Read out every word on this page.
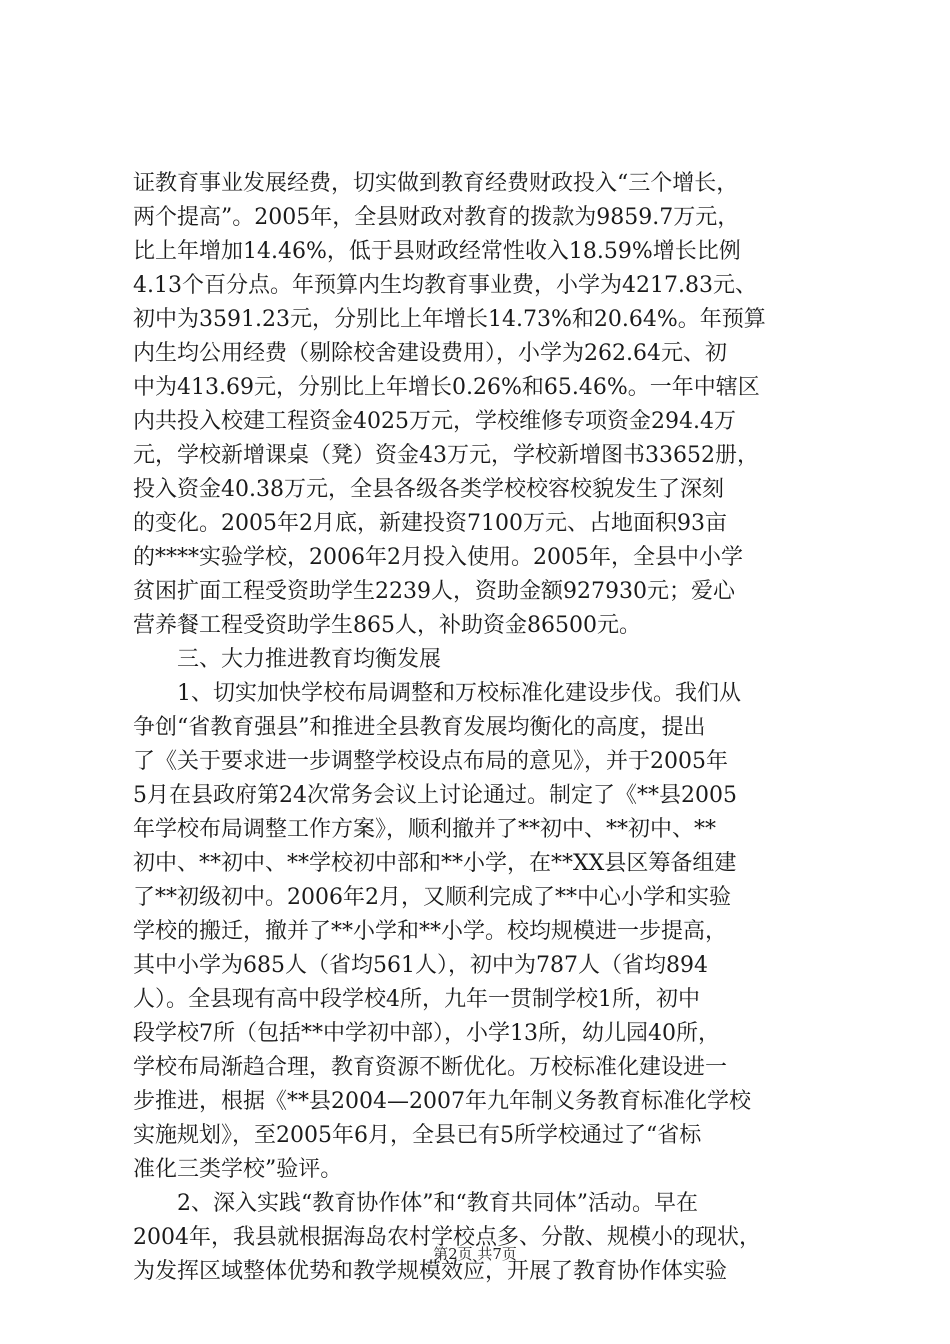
证教育事业发展经费，切实做到教育经费财政投入“三个增长，
两个提高”。2005年，全县财政对教育的拨款为9859.7万元，
比上年增加14.46%，低于县财政经常性收入18.59%增长比例
4.13个百分点。年预算内生均教育事业费，小学为4217.83元、
初中为3591.23元，分别比上年增长14.73%和20.64%。年预算
内生均公用经费（剔除校舍建设费用），小学为262.64元、初
中为413.69元，分别比上年增长0.26%和65.46%。一年中辖区
内共投入校建工程资金4025万元，学校维修专项资金294.4万
元，学校新增课桌（凳）资金43万元，学校新增图书33652册，
投入资金40.38万元，全县各级各类学校校容校貌发生了深刻
的变化。2005年2月底，新建投资7100万元、占地面积93亩
的****实验学校，2006年2月投入使用。2005年，全县中小学
贫困扩面工程受资助学生2239人，资助金额927930元；爱心
营养餐工程受资助学生865人，补助资金86500元。
三、大力推进教育均衡发展
1、切实加快学校布局调整和万校标准化建设步伐。我们从
争创“省教育强县”和推进全县教育发展均衡化的高度，提出
了《关于要求进一步调整学校设点布局的意见》，并于2005年
5月在县政府第24次常务会议上讨论通过。制定了《**县2005
年学校布局调整工作方案》，顺利撤并了**初中、**初中、**
初中、**初中、**学校初中部和**小学，在**XX县区筹备组建
了**初级初中。2006年2月，又顺利完成了**中心小学和实验
学校的搬迁，撤并了**小学和**小学。校均规模进一步提高，
其中小学为685人（省均561人），初中为787人（省均894
人）。全县现有高中段学校4所，九年一贯制学校1所，初中
段学校7所（包括**中学初中部），小学13所，幼儿园40所，
学校布局渐趋合理，教育资源不断优化。万校标准化建设进一
步推进，根据《**县2004—2007年九年制义务教育标准化学校
实施规划》，至2005年6月，全县已有5所学校通过了“省标
准化三类学校”验评。
2、深入实践“教育协作体”和“教育共同体”活动。早在
2004年，我县就根据海岛农村学校点多、分散、规模小的现状，
为发挥区域整体优势和教学规模效应，开展了教育协作体实验
第2页 共7页
